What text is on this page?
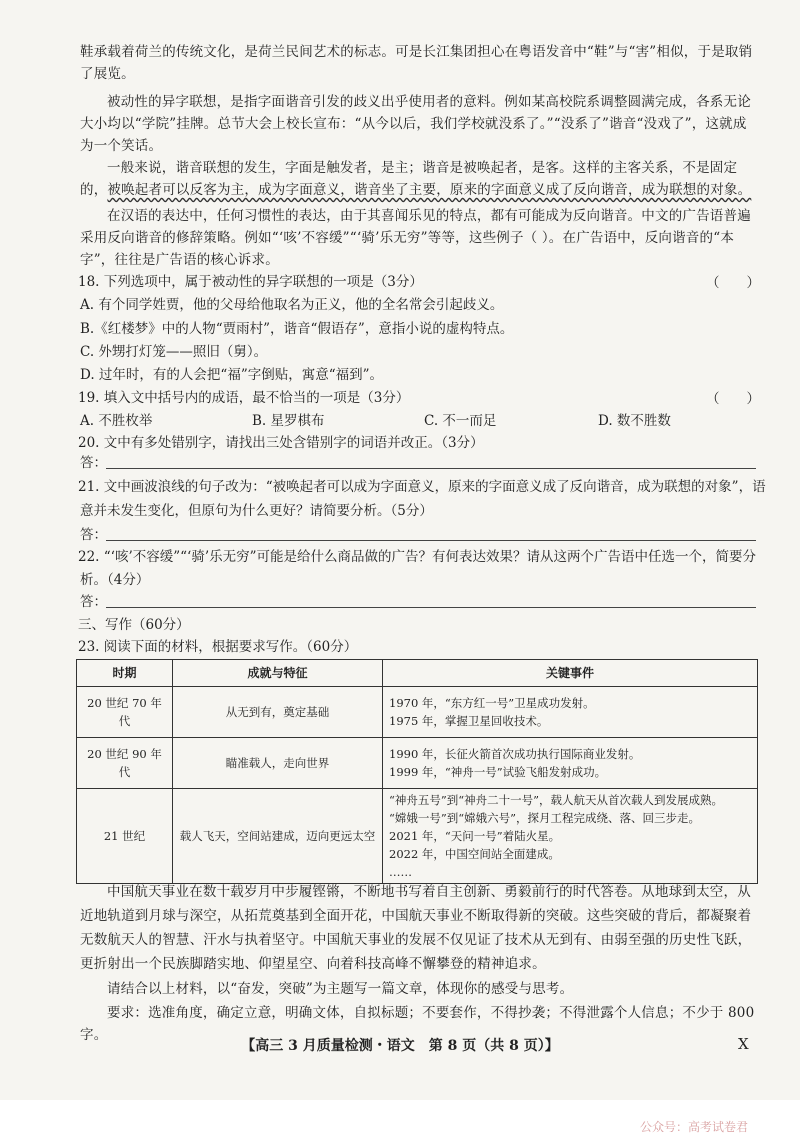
鞋承载着荷兰的传统文化，是荷兰民间艺术的标志。可是长江集团担心在粤语发音中“鞋”与“害”相似，于是取销了展览。
被动性的异字联想，是指字面谐音引发的歧义出乎使用者的意料。例如某高校院系调整圆满完成，各系无论大小均以“学院”挂牌。总节大会上校长宣布：“从今以后，我们学校就没系了。”“没系了”谐音“没戏了”，这就成为一个笑话。
一般来说，谐音联想的发生，字面是触发者，是主；谐音是被唤起者，是客。这样的主客关系，不是固定的，被唤起者可以反客为主，成为字面意义，谐音坐了主要，原来的字面意义成了反向谐音，成为联想的对象。
在汉语的表达中，任何习惯性的表达，由于其喜闻乐见的特点，都有可能成为反向谐音。中文的广告语普遍采用反向谐音的修辞策略。例如“‘咳’不容缓”“‘骑’乐无穷”等等，这些例子（ ）。在广告语中，反向谐音的“本字”，往往是广告语的核心诉求。
18. 下列选项中，属于被动性的异字联想的一项是（3分）	（　　）
A. 有个同学姓贾，他的父母给他取名为正义，他的全名常会引起歧义。
B.《红楼梦》中的人物“贾雨村”，谐音“假语存”，意指小说的虚构特点。
C. 外甥打灯笼——照旧（舅）。
D. 过年时，有的人会把“福”字倒贴，寓意“福到”。
19. 填入文中括号内的成语，最不恰当的一项是（3分）	（　　）
A. 不胜枚举	B. 星罗棋布	C. 不一而足	D. 数不胜数
20. 文中有多处错别字，请找出三处含错别字的词语并改正。（3分）
答：
21. 文中画波浪线的句子改为：“被唤起者可以成为字面意义，原来的字面意义成了反向谐音，成为联想的对象”，语
意并未发生变化，但原句为什么更好？请简要分析。（5分）
答：
22. “‘咳’不容缓”“‘骑’乐无穷”可能是给什么商品做的广告？有何表达效果？请从这两个广告语中任选一个，简要分
析。（4分）
答：
三、写作（60分）
23. 阅读下面的材料，根据要求写作。（60分）
时期	成就与特征	关键事件
20 世纪 70 年代	从无到有，奠定基础	1970 年，“东方红一号”卫星成功发射。
1975 年，掌握卫星回收技术。

20 世纪 90 年代	瞄准载人，走向世界	1990 年，长征火箭首次成功执行国际商业发射。
1999 年，“神舟一号”试验飞船发射成功。

21 世纪	载人飞天，空间站建成，迈向更远太空	“神舟五号”到“神舟二十一号”，载人航天从首次载人到发展成熟。
“嫦娥一号”到“嫦娥六号”，探月工程完成绕、落、回三步走。
2021 年，“天问一号”着陆火星。
2022 年，中国空间站全面建成。
……
中国航天事业在数十载岁月中步履铿锵，不断地书写着自主创新、勇毅前行的时代答卷。从地球到太空，从近地轨道到月球与深空，从拓荒奠基到全面开花，中国航天事业不断取得新的突破。这些突破的背后，都凝聚着无数航天人的智慧、汗水与执着坚守。中国航天事业的发展不仅见证了技术从无到有、由弱至强的历史性飞跃，更折射出一个民族脚踏实地、仰望星空、向着科技高峰不懈攀登的精神追求。
请结合以上材料，以“奋发，突破”为主题写一篇文章，体现你的感受与思考。
要求：选准角度，确定立意，明确文体，自拟标题；不要套作，不得抄袭；不得泄露个人信息；不少于 800 字。
【高三 3 月质量检测・语文　第 8 页（共 8 页）】	X
公众号：高考试卷君
